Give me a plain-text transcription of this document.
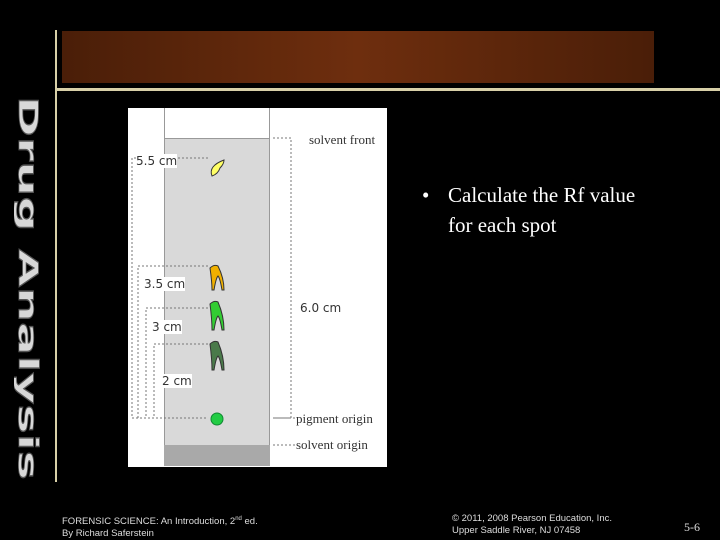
Drug Analysis	solvent front
5.5 cm
3.5 cm
3 cm
2 cm
6.0 cm
pigment origin
solvent origin
• Calculate the Rf value
for each spot
FORENSIC SCIENCE: An Introduction, 2nd ed.
By Richard Saferstein
© 2011, 2008 Pearson Education, Inc.
Upper Saddle River, NJ 07458	5-6
